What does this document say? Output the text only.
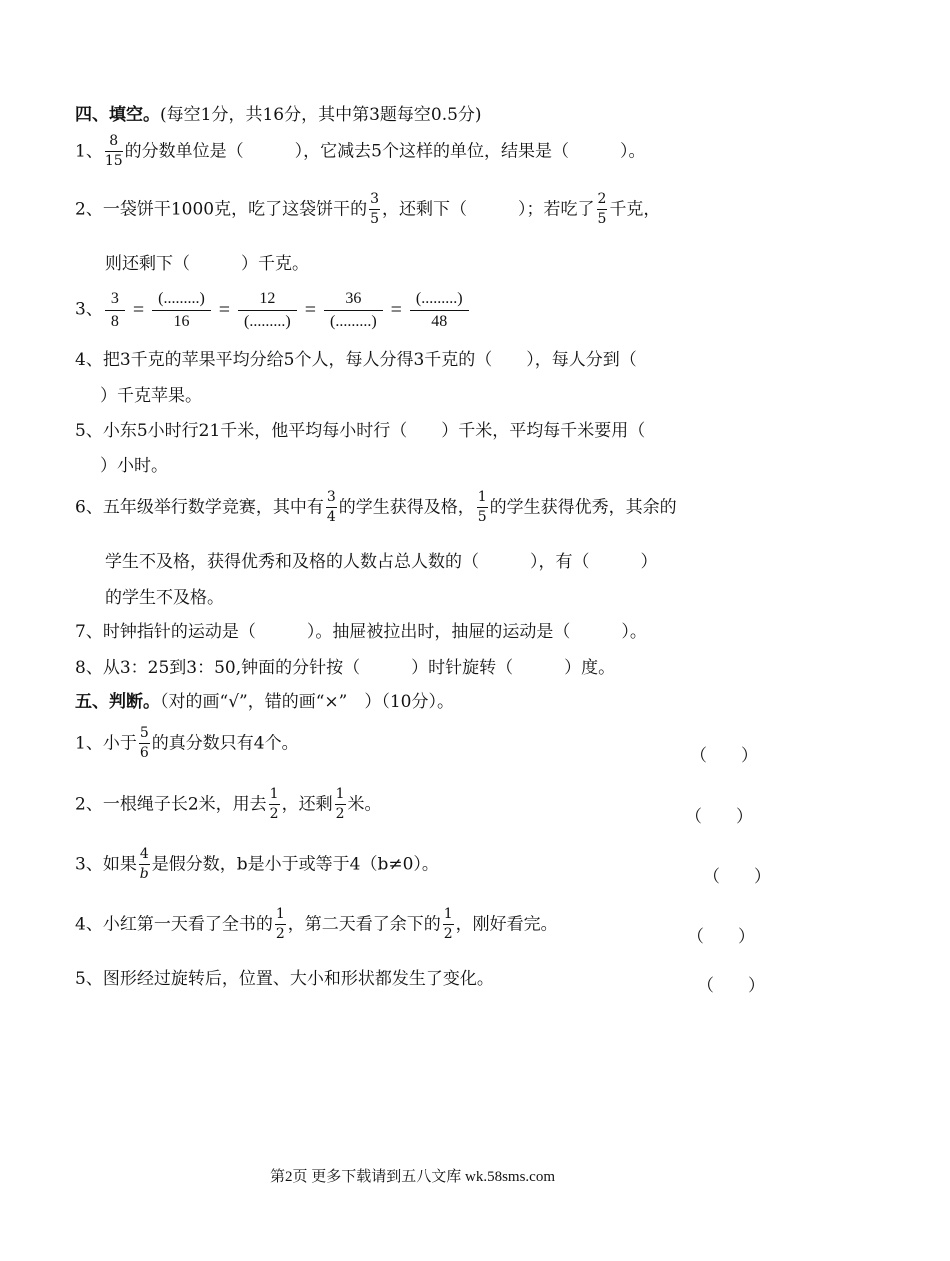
四、填空。(每空1分，共16分，其中第3题每空0.5分)
1、 $\frac{8}{15}$ 的分数单位是（　　　），它减去5个这样的单位，结果是（　　　）。
2、一袋饼干1000克，吃了这袋饼干的 $\frac{3}{5}$ ，还剩下（　　　）；若吃了 $\frac{2}{5}$ 千克，
则还剩下（　　　）千克。
3、 $\frac{3}{8} = \frac{(.........)}{16} = \frac{12}{(.........)} = \frac{36}{(.........)} = \frac{(.........)}{48}$
4、把3千克的苹果平均分给5个人，每人分得3千克的（　　），每人分到（
）千克苹果。
5、小东5小时行21千米，他平均每小时行（　　）千米，平均每千米要用（
）小时。
6、五年级举行数学竞赛，其中有 $\frac{3}{4}$ 的学生获得及格， $\frac{1}{5}$ 的学生获得优秀，其余的
学生不及格，获得优秀和及格的人数占总人数的（　　　），有（　　　）
的学生不及格。
7、时钟指针的运动是（　　　）。抽屉被拉出时，抽屉的运动是（　　　）。
8、从3：25到3：50,钟面的分针按（　　　）时针旋转（　　　）度。
五、判断。（对的画“√”，错的画“×”　）（10分）。
1、小于 $\frac{5}{6}$ 的真分数只有4个。
（　　）
2、一根绳子长2米，用去 $\frac{1}{2}$ ，还剩 $\frac{1}{2}$ 米。
（　　）
3、如果 $\frac{4}{b}$ 是假分数，b是小于或等于4（b≠0）。
（　　）
4、小红第一天看了全书的 $\frac{1}{2}$ ，第二天看了余下的 $\frac{1}{2}$ ，刚好看完。
（　　）
5、图形经过旋转后，位置、大小和形状都发生了变化。	（　　）
第2页 更多下载请到五八文库 wk.58sms.com
